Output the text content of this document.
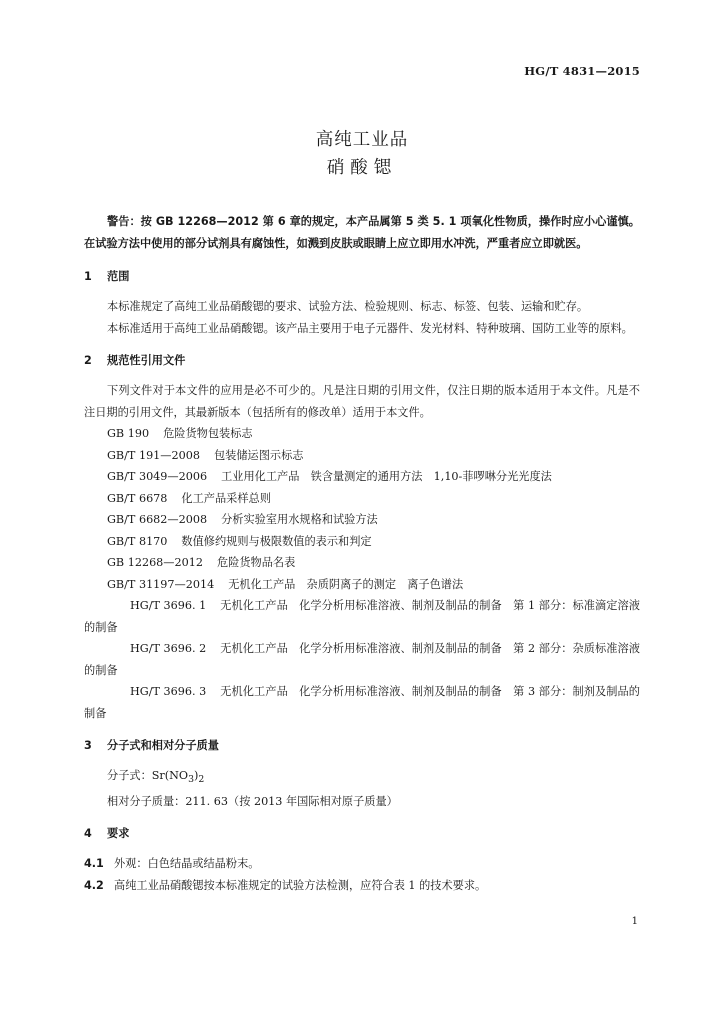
HG/T 4831—2015
高纯工业品
硝酸锶

警告：按 GB 12268—2012 第 6 章的规定，本产品属第 5 类 5. 1 项氧化性物质，操作时应小心谨慎。在试验方法中使用的部分试剂具有腐蚀性，如溅到皮肤或眼睛上应立即用水冲洗，严重者应立即就医。

1 范围

本标准规定了高纯工业品硝酸锶的要求、试验方法、检验规则、标志、标签、包装、运输和贮存。

本标准适用于高纯工业品硝酸锶。该产品主要用于电子元器件、发光材料、特种玻璃、国防工业等的原料。

2 规范性引用文件

下列文件对于本文件的应用是必不可少的。凡是注日期的引用文件，仅注日期的版本适用于本文件。凡是不注日期的引用文件，其最新版本（包括所有的修改单）适用于本文件。

GB 190 危险货物包装标志

GB/T 191—2008 包装储运图示标志

GB/T 3049—2006 工业用化工产品　铁含量测定的通用方法　1,10-菲啰啉分光光度法

GB/T 6678 化工产品采样总则

GB/T 6682—2008 分析实验室用水规格和试验方法

GB/T 8170 数值修约规则与极限数值的表示和判定

GB 12268—2012 危险货物品名表

GB/T 31197—2014 无机化工产品　杂质阴离子的测定　离子色谱法

HG/T 3696. 1 无机化工产品　化学分析用标准溶液、制剂及制品的制备　第 1 部分：标准滴定溶液的制备

HG/T 3696. 2 无机化工产品　化学分析用标准溶液、制剂及制品的制备　第 2 部分：杂质标准溶液的制备

HG/T 3696. 3 无机化工产品　化学分析用标准溶液、制剂及制品的制备　第 3 部分：制剂及制品的制备

3 分子式和相对分子质量

分子式：$Sr(NO_3)_2$

相对分子质量：211. 63（按 2013 年国际相对原子质量）

4 要求

4.1 外观：白色结晶或结晶粉末。

4.2 高纯工业品硝酸锶按本标准规定的试验方法检测，应符合表 1 的技术要求。

1
